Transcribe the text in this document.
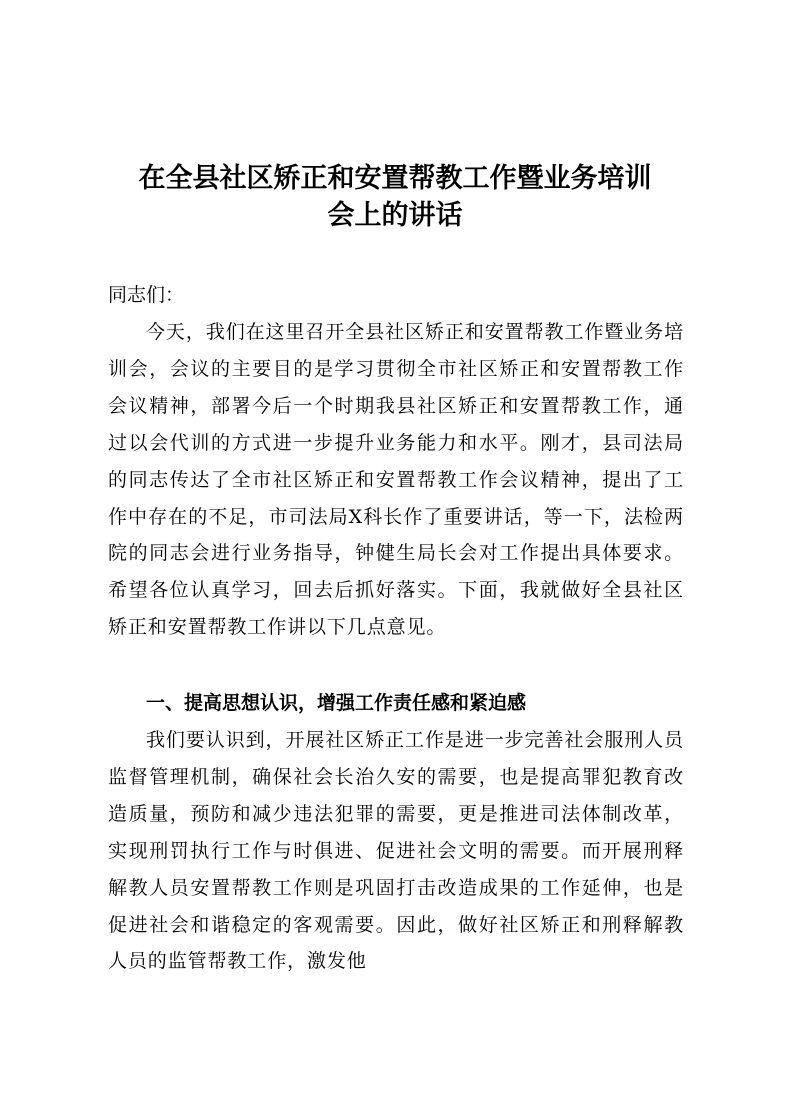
在全县社区矫正和安置帮教工作暨业务培训
会上的讲话

同志们：

今天，我们在这里召开全县社区矫正和安置帮教工作暨业务培训会，会议的主要目的是学习贯彻全市社区矫正和安置帮教工作会议精神，部署今后一个时期我县社区矫正和安置帮教工作，通过以会代训的方式进一步提升业务能力和水平。刚才，县司法局的同志传达了全市社区矫正和安置帮教工作会议精神，提出了工作中存在的不足，市司法局X科长作了重要讲话，等一下，法检两院的同志会进行业务指导，钟健生局长会对工作提出具体要求。希望各位认真学习，回去后抓好落实。下面，我就做好全县社区矫正和安置帮教工作讲以下几点意见。

一、提高思想认识，增强工作责任感和紧迫感

我们要认识到，开展社区矫正工作是进一步完善社会服刑人员监督管理机制，确保社会长治久安的需要，也是提高罪犯教育改造质量，预防和减少违法犯罪的需要，更是推进司法体制改革，实现刑罚执行工作与时俱进、促进社会文明的需要。而开展刑释解教人员安置帮教工作则是巩固打击改造成果的工作延伸，也是促进社会和谐稳定的客观需要。因此，做好社区矫正和刑释解教人员的监管帮教工作，激发他
